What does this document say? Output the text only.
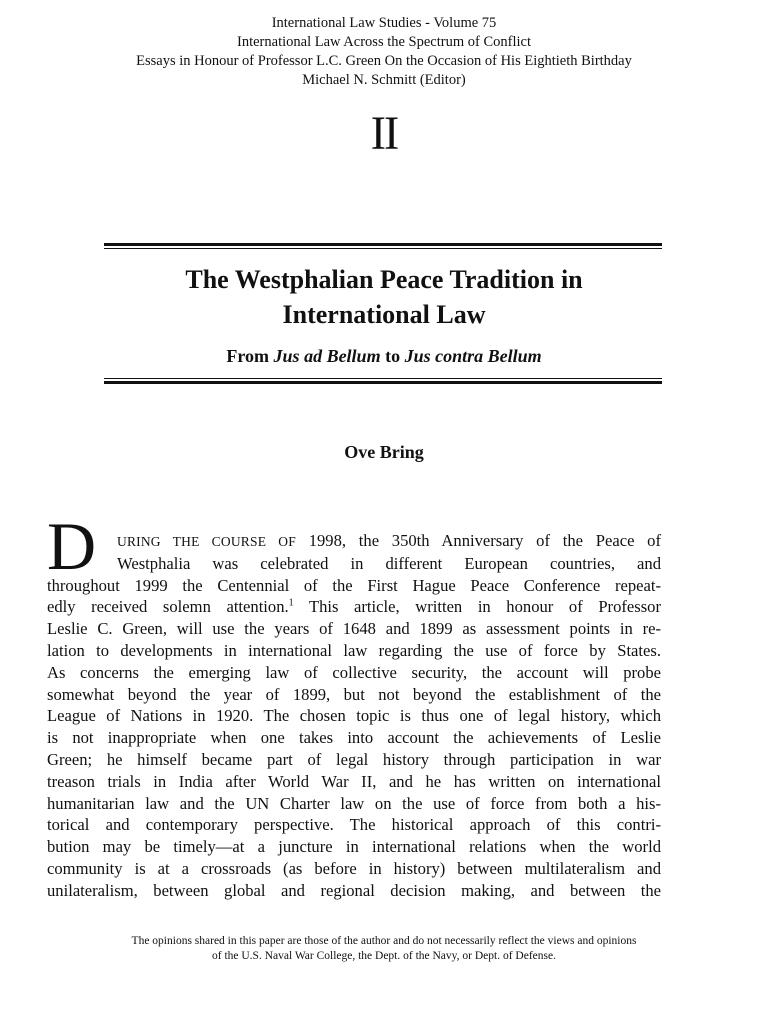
International Law Studies - Volume 75
International Law Across the Spectrum of Conflict
Essays in Honour of Professor L.C. Green On the Occasion of His Eightieth Birthday
Michael N. Schmitt (Editor)
II
The Westphalian Peace Tradition in
International Law
From Jus ad Bellum to Jus contra Bellum
Ove Bring
D	URING THE COURSE OF 1998, the 350th Anniversary of the Peace of
Westphalia was celebrated in different European countries, and
throughout 1999 the Centennial of the First Hague Peace Conference repeat-
edly received solemn attention.$^1$ This article, written in honour of Professor
Leslie C. Green, will use the years of 1648 and 1899 as assessment points in re-
lation to developments in international law regarding the use of force by States.
As concerns the emerging law of collective security, the account will probe
somewhat beyond the year of 1899, but not beyond the establishment of the
League of Nations in 1920. The chosen topic is thus one of legal history, which
is not inappropriate when one takes into account the achievements of Leslie
Green; he himself became part of legal history through participation in war
treason trials in India after World War II, and he has written on international
humanitarian law and the UN Charter law on the use of force from both a his-
torical and contemporary perspective. The historical approach of this contri-
bution may be timely—at a juncture in international relations when the world
community is at a crossroads (as before in history) between multilateralism and
unilateralism, between global and regional decision making, and between the
The opinions shared in this paper are those of the author and do not necessarily reflect the views and opinions
of the U.S. Naval War College, the Dept. of the Navy, or Dept. of Defense.
